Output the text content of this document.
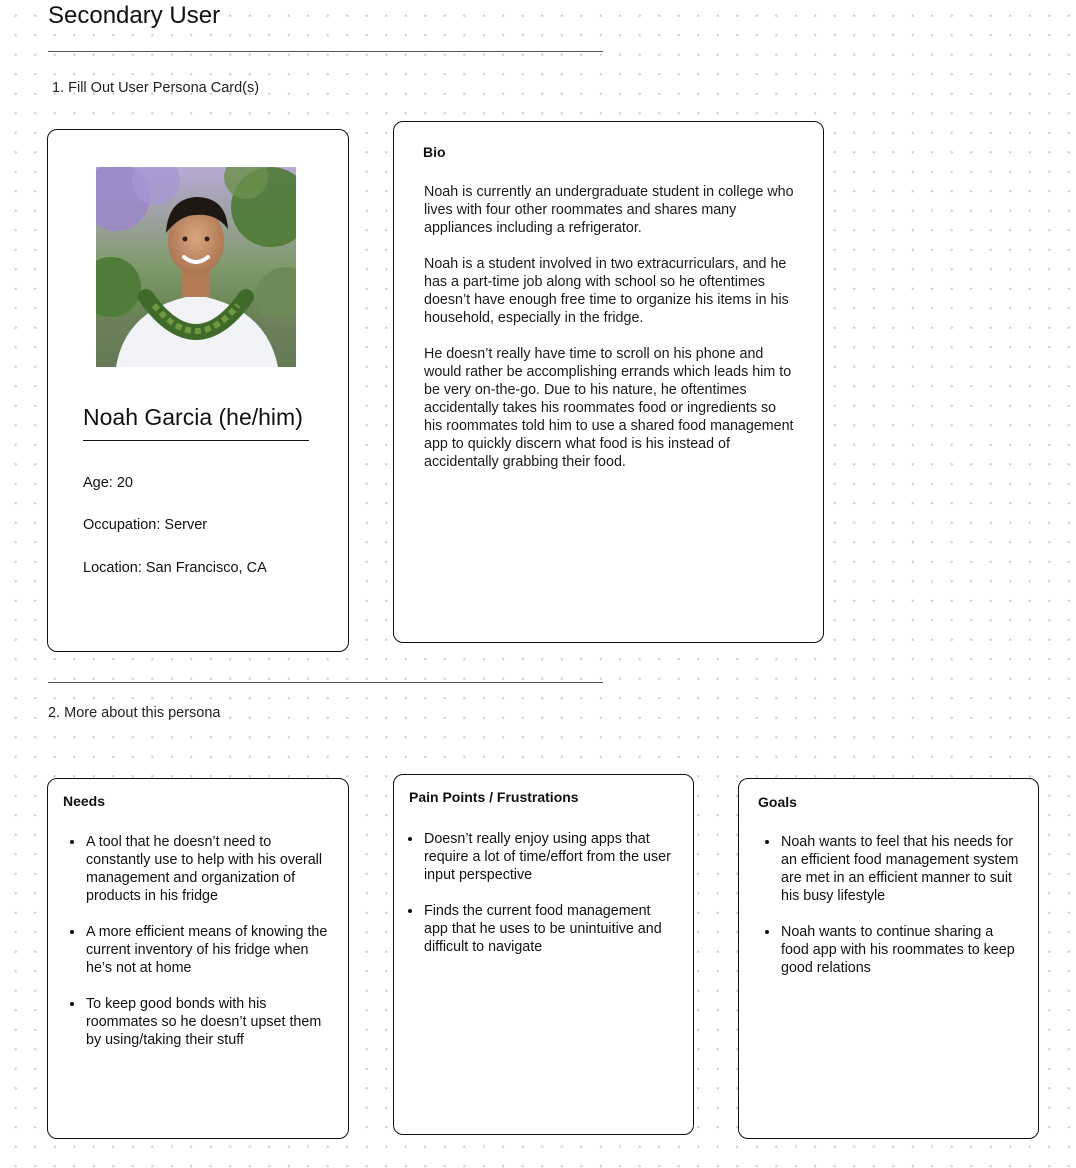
Secondary User
1. Fill Out User Persona Card(s)
Noah Garcia (he/him)
Age: 20
Occupation: Server
Location: San Francisco, CA
Bio

Noah is currently an undergraduate student in college who lives with four other roommates and shares many appliances including a refrigerator.

Noah is a student involved in two extracurriculars, and he has a part-time job along with school so he oftentimes doesn’t have enough free time to organize his items in his household, especially in the fridge.

He doesn’t really have time to scroll on his phone and would rather be accomplishing errands which leads him to be very on-the-go. Due to his nature, he oftentimes accidentally takes his roommates food or ingredients so his roommates told him to use a shared food management app to quickly discern what food is his instead of accidentally grabbing their food.

2. More about this persona
Needs
• A tool that he doesn’t need to constantly use to help with his overall management and organization of products in his fridge
• A more efficient means of knowing the current inventory of his fridge when he’s not at home
• To keep good bonds with his roommates so he doesn’t upset them by using/taking their stuff
Pain Points / Frustrations
• Doesn’t really enjoy using apps that require a lot of time/effort from the user input perspective
• Finds the current food management app that he uses to be unintuitive and difficult to navigate
Goals
• Noah wants to feel that his needs for an efficient food management system are met in an efficient manner to suit his busy lifestyle
• Noah wants to continue sharing a food app with his roommates to keep good relations
